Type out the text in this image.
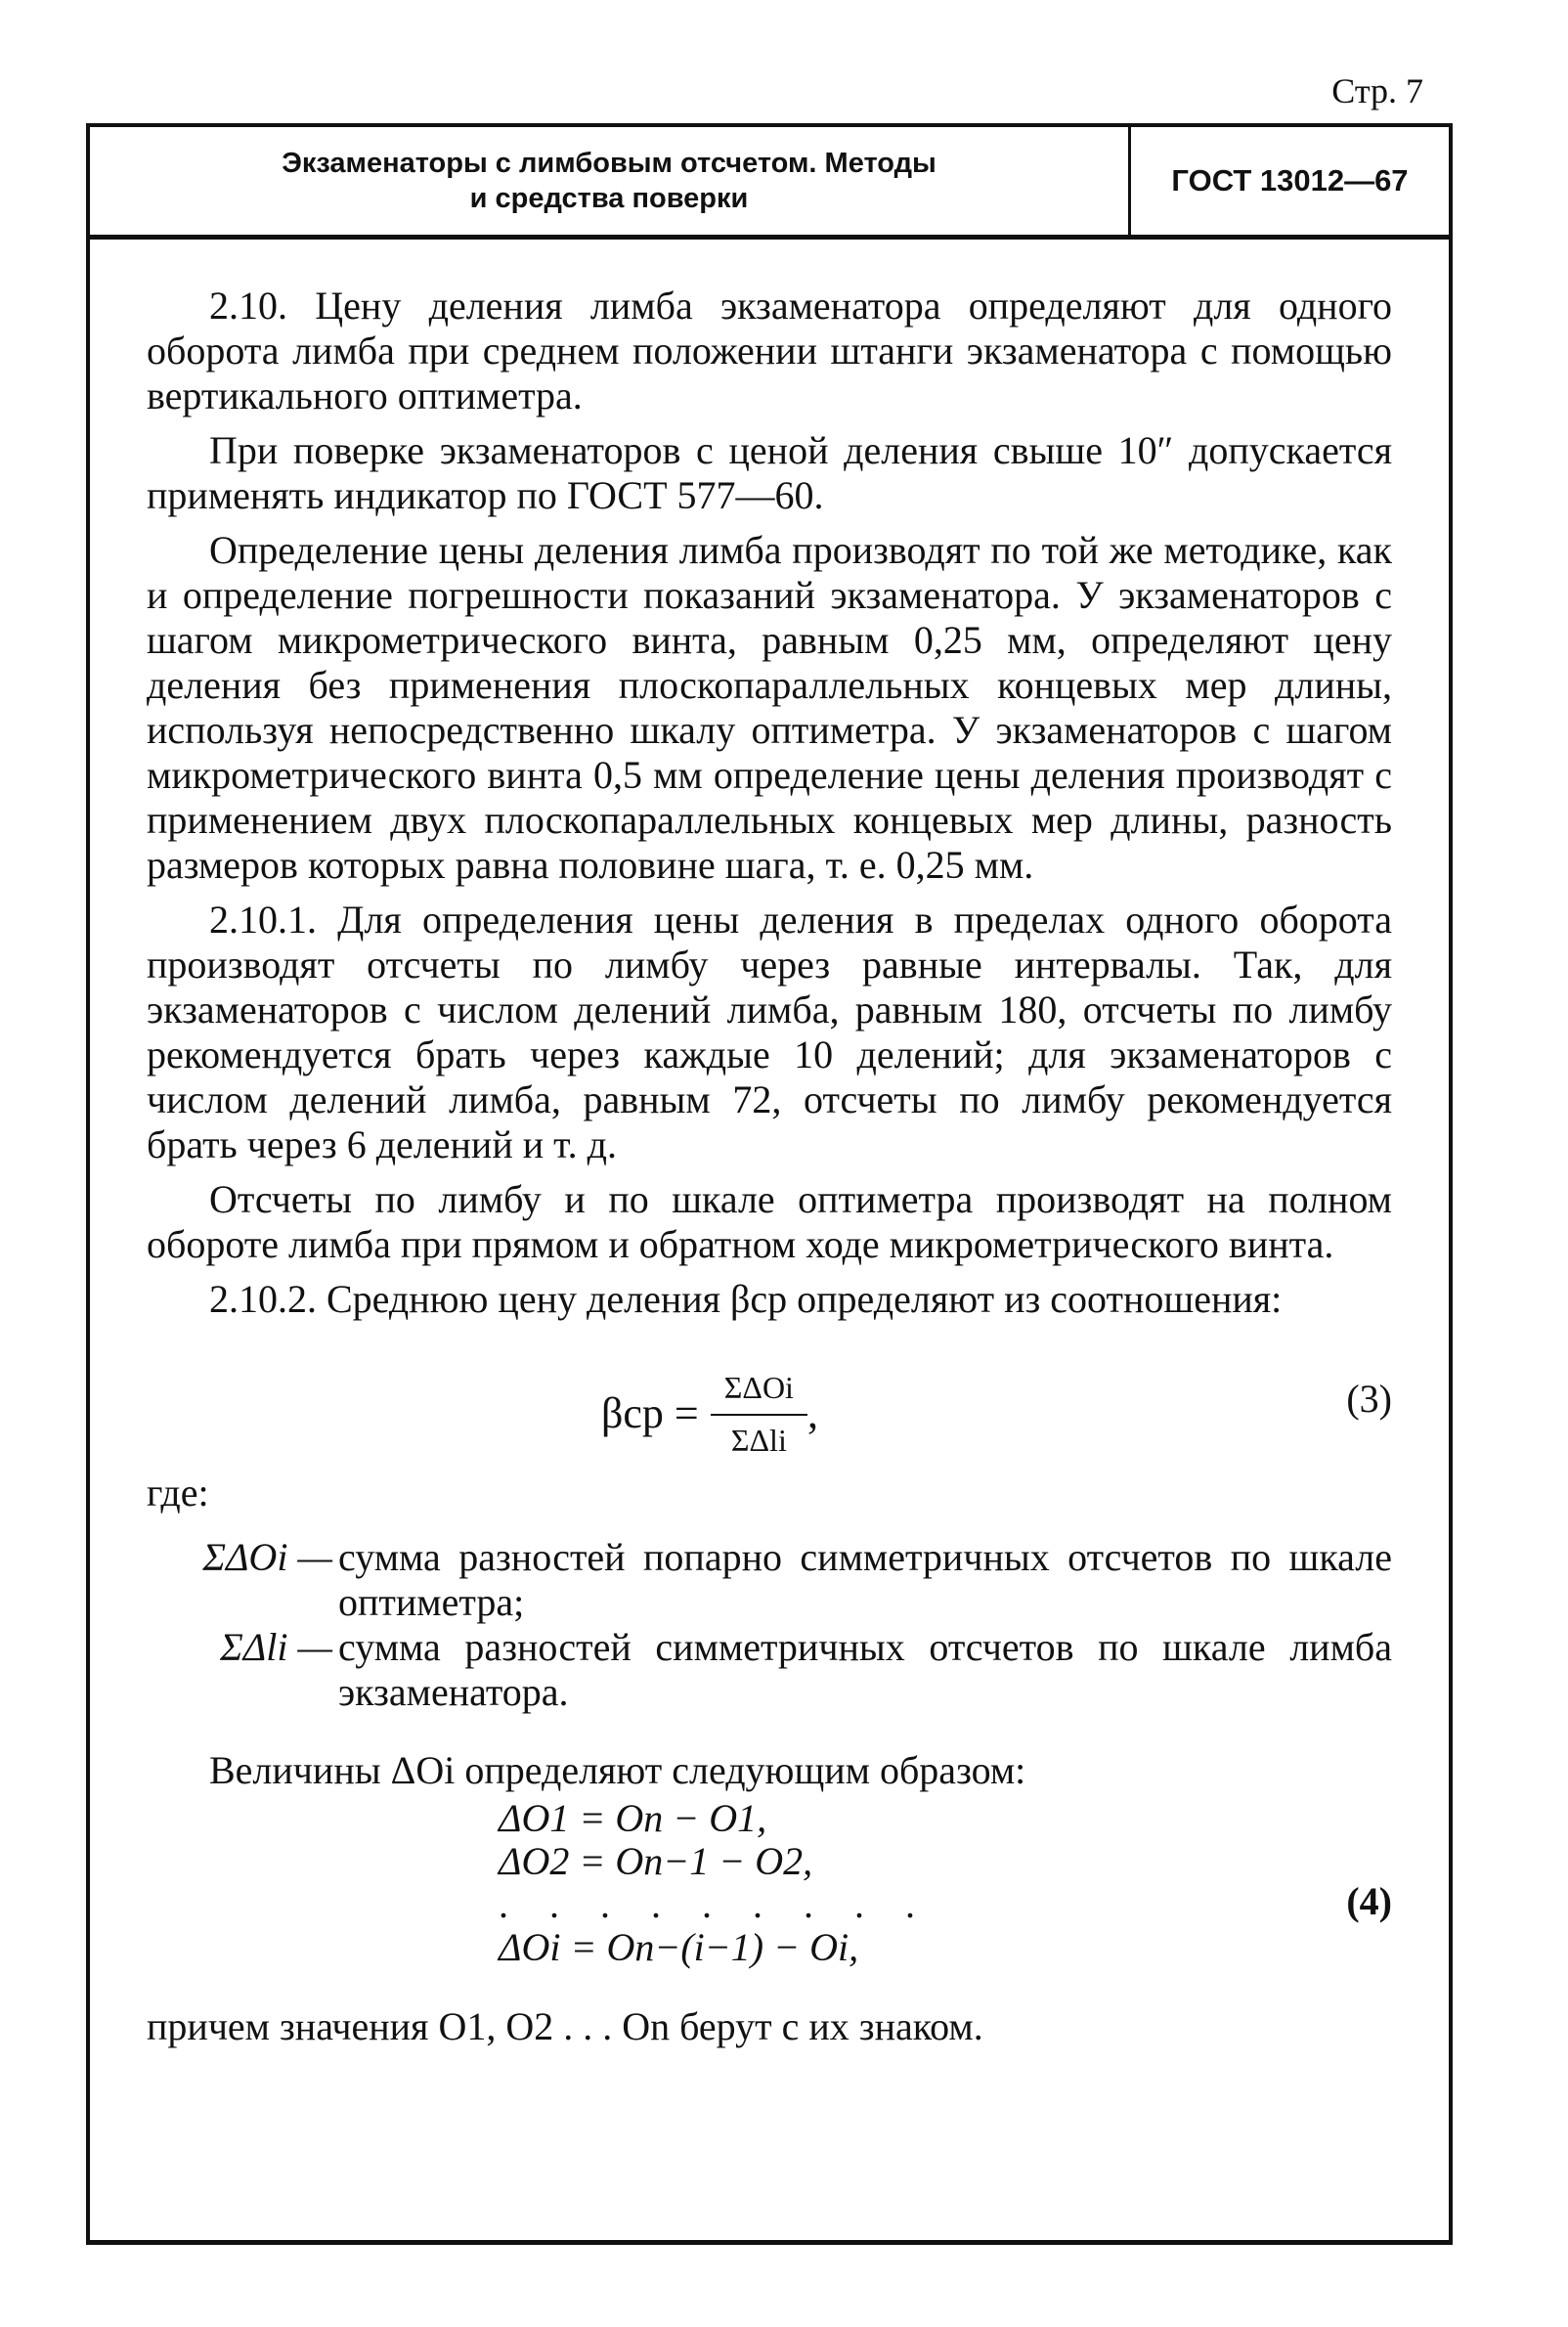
Стр. 7
Экзаменаторы с лимбовым отсчетом. Методы
и средства поверки
ГОСТ 13012—67

2.10. Цену деления лимба экзаменатора определяют для одного оборота лимба при среднем положении штанги экзаменатора с помощью вертикального оптиметра.

При поверке экзаменаторов с ценой деления свыше 10″ допускается применять индикатор по ГОСТ 577—60.

Определение цены деления лимба производят по той же методике, как и определение погрешности показаний экзаменатора. У экзаменаторов с шагом микрометрического винта, равным 0,25 мм, определяют цену деления без применения плоскопараллельных концевых мер длины, используя непосредственно шкалу оптиметра. У экзаменаторов с шагом микрометрического винта 0,5 мм определение цены деления производят с применением двух плоскопараллельных концевых мер длины, разность размеров которых равна половине шага, т. е. 0,25 мм.

2.10.1. Для определения цены деления в пределах одного оборота производят отсчеты по лимбу через равные интервалы. Так, для экзаменаторов с числом делений лимба, равным 180, отсчеты по лимбу рекомендуется брать через каждые 10 делений; для экзаменаторов с числом делений лимба, равным 72, отсчеты по лимбу рекомендуется брать через 6 делений и т. д.

Отсчеты по лимбу и по шкале оптиметра производят на полном обороте лимба при прямом и обратном ходе микрометрического винта.

2.10.2. Среднюю цену деления βср определяют из соотношения:

$\beta ср = \frac{\text{ΣΔOi}}{\text{ΣΔli}}$ ,	(3)
где:
ΣΔOi — сумма разностей попарно симметричных отсчетов по шкале оптиметра;
ΣΔli — сумма разностей симметричных отсчетов по шкале лимба экзаменатора.

Величины ΔOi определяют следующим образом:

ΔO1 = On − O1,
ΔO2 = On−1 − O2,
. . . . . . . . .
ΔOi = On−(i−1) − Oi,
(4)
причем значения O1, O2 . . . On берут с их знаком.
